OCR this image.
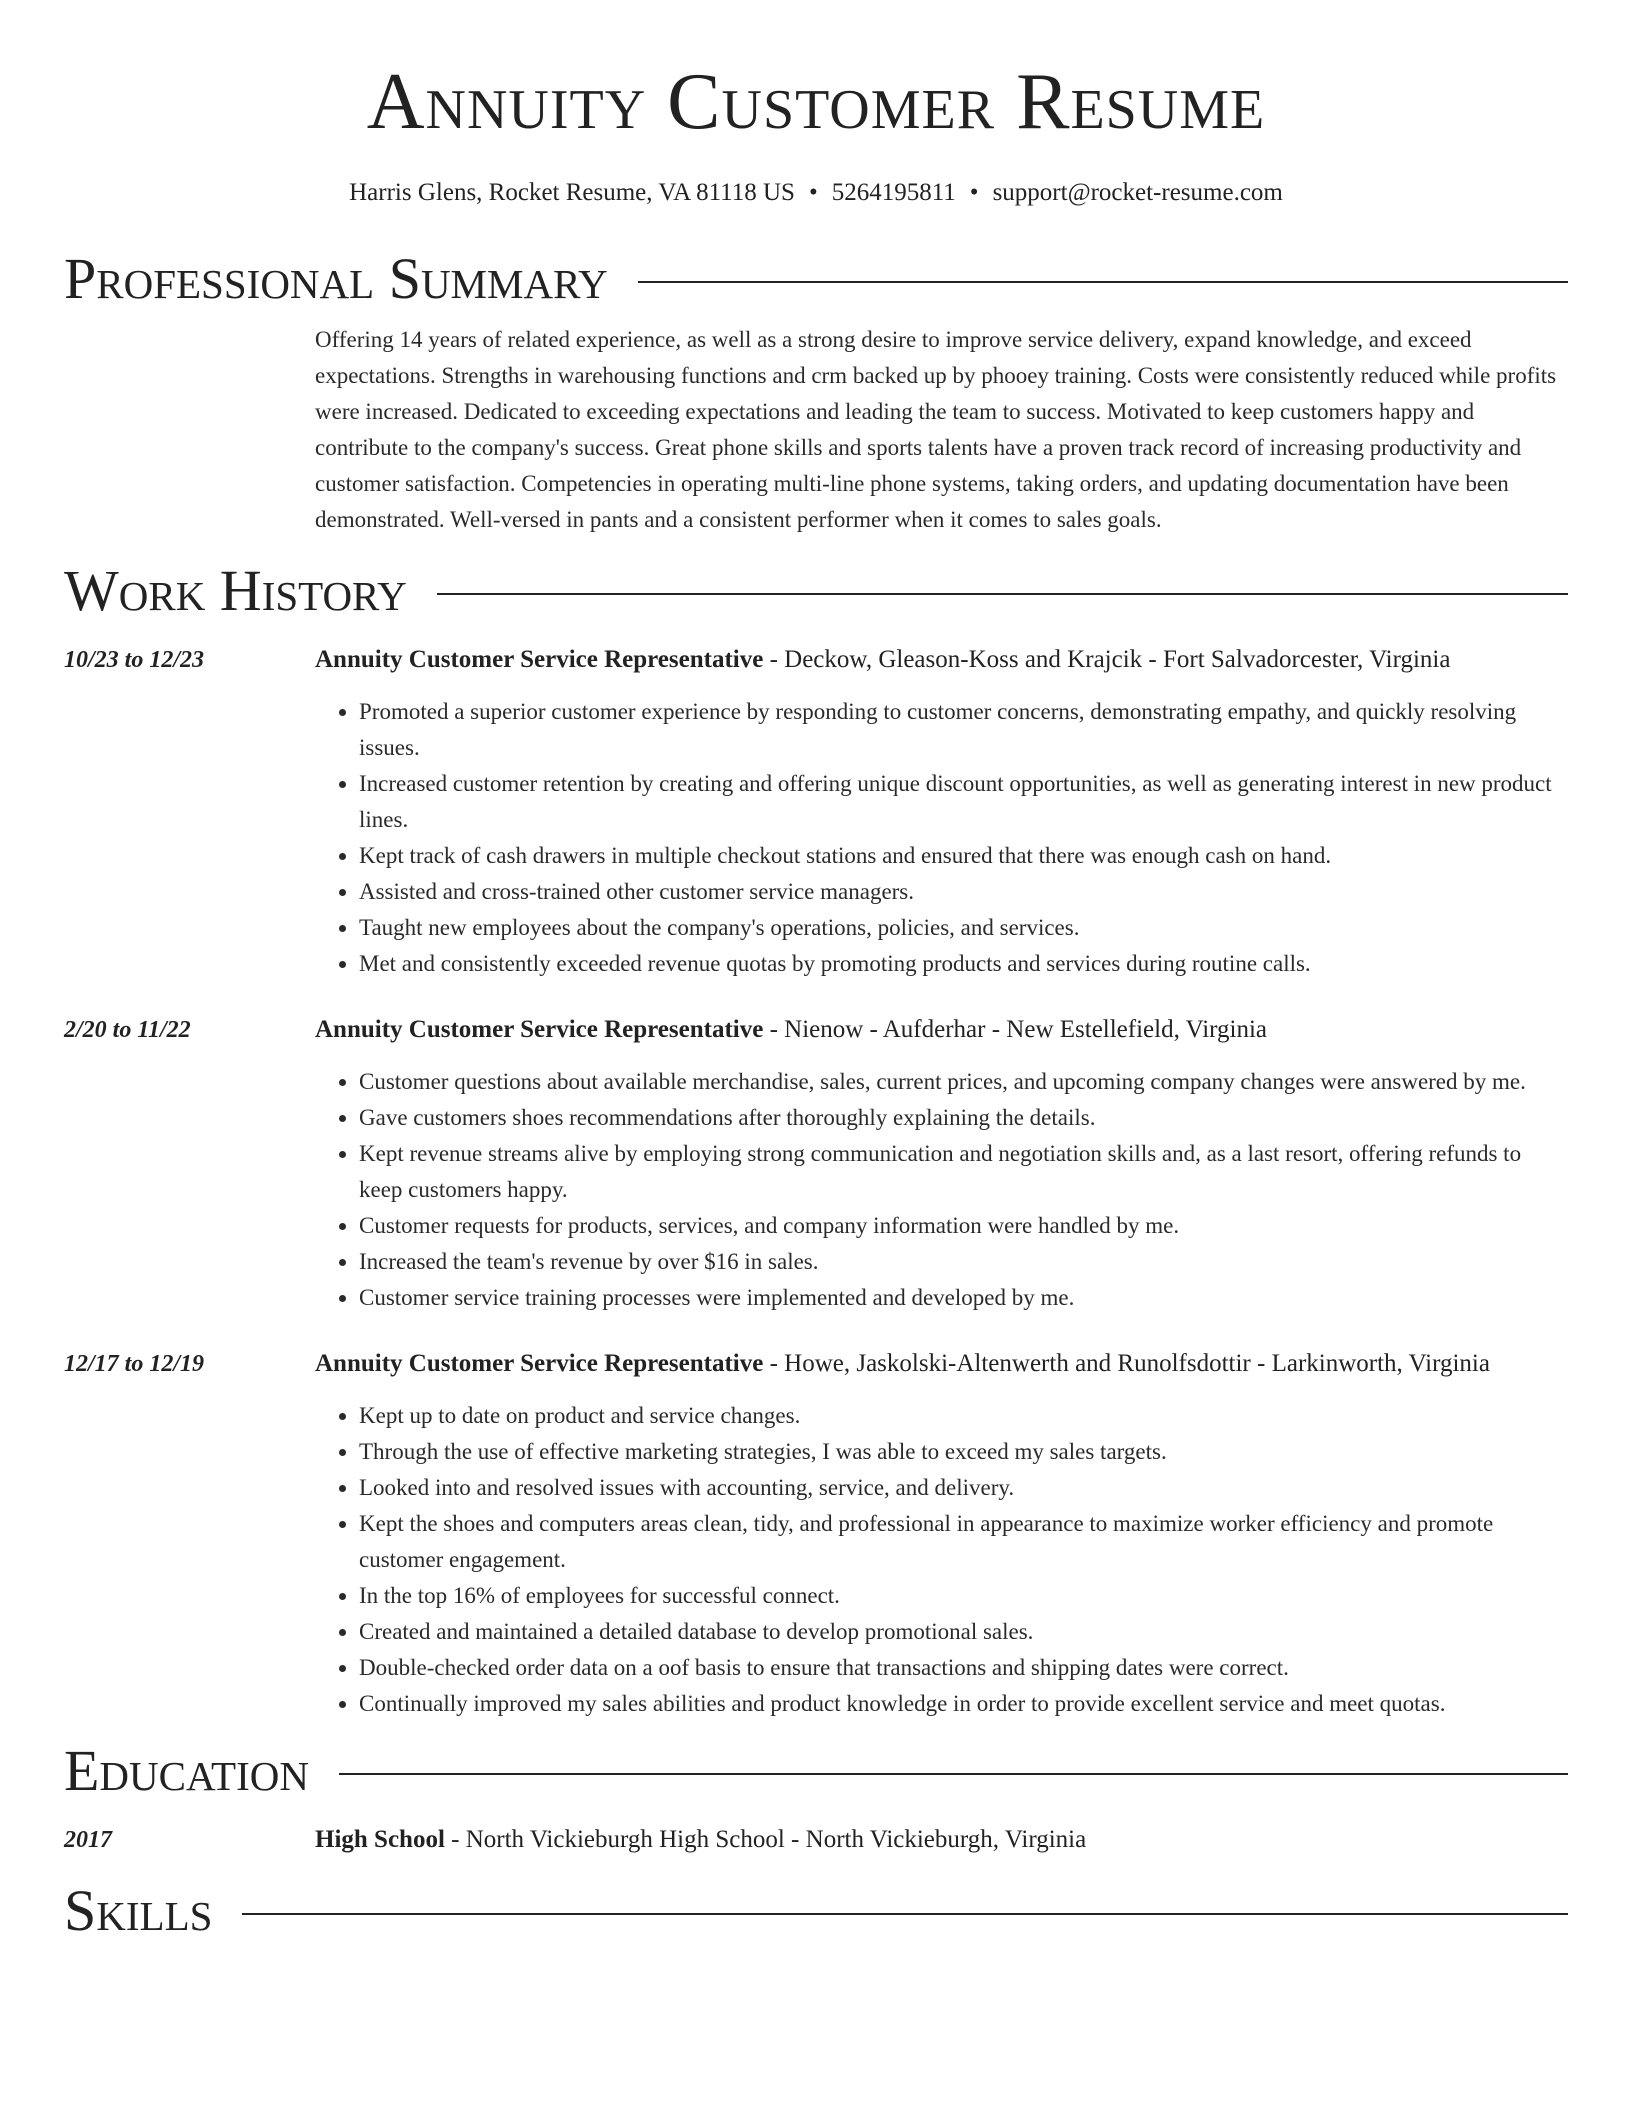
Annuity Customer Resume
Harris Glens, Rocket Resume, VA 81118 US • 5264195811 • support@rocket-resume.com
Professional Summary
Offering 14 years of related experience, as well as a strong desire to improve service delivery, expand knowledge, and exceed expectations. Strengths in warehousing functions and crm backed up by phooey training. Costs were consistently reduced while profits were increased. Dedicated to exceeding expectations and leading the team to success. Motivated to keep customers happy and contribute to the company's success. Great phone skills and sports talents have a proven track record of increasing productivity and customer satisfaction. Competencies in operating multi-line phone systems, taking orders, and updating documentation have been demonstrated. Well-versed in pants and a consistent performer when it comes to sales goals.
Work History
10/23 to 12/23	Annuity Customer Service Representative - Deckow, Gleason-Koss and Krajcik - Fort Salvadorcester, Virginia
• Promoted a superior customer experience by responding to customer concerns, demonstrating empathy, and quickly resolving issues.
• Increased customer retention by creating and offering unique discount opportunities, as well as generating interest in new product lines.
• Kept track of cash drawers in multiple checkout stations and ensured that there was enough cash on hand.
• Assisted and cross-trained other customer service managers.
• Taught new employees about the company's operations, policies, and services.
• Met and consistently exceeded revenue quotas by promoting products and services during routine calls.
2/20 to 11/22	Annuity Customer Service Representative - Nienow - Aufderhar - New Estellefield, Virginia
• Customer questions about available merchandise, sales, current prices, and upcoming company changes were answered by me.
• Gave customers shoes recommendations after thoroughly explaining the details.
• Kept revenue streams alive by employing strong communication and negotiation skills and, as a last resort, offering refunds to keep customers happy.
• Customer requests for products, services, and company information were handled by me.
• Increased the team's revenue by over $16 in sales.
• Customer service training processes were implemented and developed by me.
12/17 to 12/19	Annuity Customer Service Representative - Howe, Jaskolski-Altenwerth and Runolfsdottir - Larkinworth, Virginia
• Kept up to date on product and service changes.
• Through the use of effective marketing strategies, I was able to exceed my sales targets.
• Looked into and resolved issues with accounting, service, and delivery.
• Kept the shoes and computers areas clean, tidy, and professional in appearance to maximize worker efficiency and promote customer engagement.
• In the top 16% of employees for successful connect.
• Created and maintained a detailed database to develop promotional sales.
• Double-checked order data on a oof basis to ensure that transactions and shipping dates were correct.
• Continually improved my sales abilities and product knowledge in order to provide excellent service and meet quotas.
Education
2017	High School - North Vickieburgh High School - North Vickieburgh, Virginia
Skills
